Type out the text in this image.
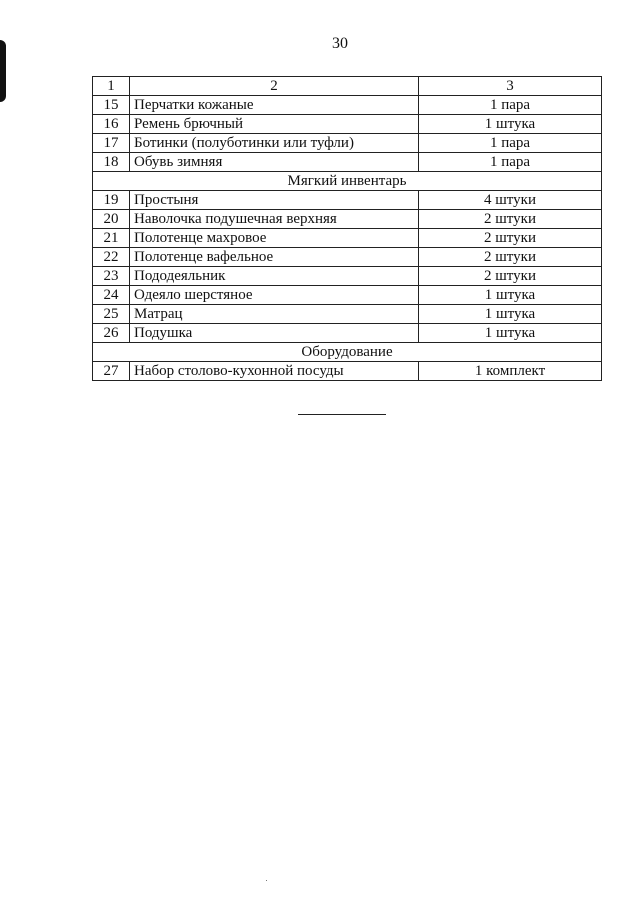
30
1	2	3
15	Перчатки кожаные	1 пара
16	Ремень брючный	1 штука
17	Ботинки (полуботинки или туфли)	1 пара
18	Обувь зимняя	1 пара
Мягкий инвентарь		
19	Простыня	4 штуки
20	Наволочка подушечная верхняя	2 штуки
21	Полотенце махровое	2 штуки
22	Полотенце вафельное	2 штуки
23	Пододеяльник	2 штуки
24	Одеяло шерстяное	1 штука
25	Матрац	1 штука
26	Подушка	1 штука
Оборудование		
27	Набор столово-кухонной посуды	1 комплект
